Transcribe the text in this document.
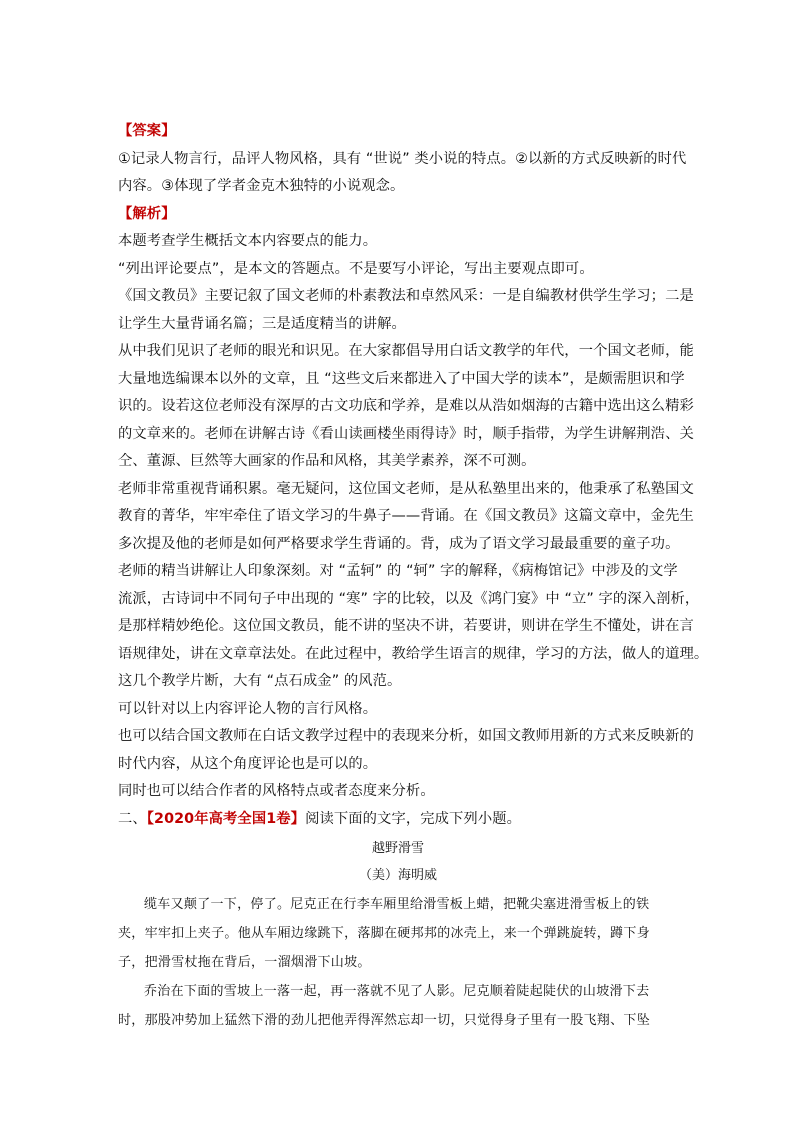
【答案】
①记录人物言行，品评人物风格，具有 “世说” 类小说的特点。②以新的方式反映新的时代
内容。③体现了学者金克木独特的小说观念。
【解析】
本题考查学生概括文本内容要点的能力。
“列出评论要点”，是本文的答题点。不是要写小评论，写出主要观点即可。
《国文教员》主要记叙了国文老师的朴素教法和卓然风采：一是自编教材供学生学习；二是
让学生大量背诵名篇；三是适度精当的讲解。
从中我们见识了老师的眼光和识见。在大家都倡导用白话文教学的年代，一个国文老师，能
大量地选编课本以外的文章，且 “这些文后来都进入了中国大学的读本”，是颇需胆识和学
识的。设若这位老师没有深厚的古文功底和学养，是难以从浩如烟海的古籍中选出这么精彩
的文章来的。老师在讲解古诗《看山读画楼坐雨得诗》时，顺手指带，为学生讲解荆浩、关
仝、董源、巨然等大画家的作品和风格，其美学素养，深不可测。
老师非常重视背诵积累。毫无疑问，这位国文老师，是从私塾里出来的，他秉承了私塾国文
教育的菁华，牢牢牵住了语文学习的牛鼻子——背诵。在《国文教员》这篇文章中，金先生
多次提及他的老师是如何严格要求学生背诵的。背，成为了语文学习最最重要的童子功。
老师的精当讲解让人印象深刻。对 “孟轲” 的 “轲” 字的解释，《病梅馆记》中涉及的文学
流派，古诗词中不同句子中出现的 “寒” 字的比较，以及《鸿门宴》中 “立” 字的深入剖析，
是那样精妙绝伦。这位国文教员，能不讲的坚决不讲，若要讲，则讲在学生不懂处，讲在言
语规律处，讲在文章章法处。在此过程中，教给学生语言的规律，学习的方法，做人的道理。
这几个教学片断，大有 “点石成金” 的风范。
可以针对以上内容评论人物的言行风格。
也可以结合国文教师在白话文教学过程中的表现来分析，如国文教师用新的方式来反映新的
时代内容，从这个角度评论也是可以的。
同时也可以结合作者的风格特点或者态度来分析。
二、【2020年高考全国1卷】阅读下面的文字，完成下列小题。
越野滑雪
（美）海明威
缆车又颠了一下，停了。尼克正在行李车厢里给滑雪板上蜡，把靴尖塞进滑雪板上的铁
夹，牢牢扣上夹子。他从车厢边缘跳下，落脚在硬邦邦的冰壳上，来一个弹跳旋转，蹲下身
子，把滑雪杖拖在背后，一溜烟滑下山坡。
乔治在下面的雪坡上一落一起，再一落就不见了人影。尼克顺着陡起陡伏的山坡滑下去
时，那股冲势加上猛然下滑的劲儿把他弄得浑然忘却一切，只觉得身子里有一股飞翔、下坠
